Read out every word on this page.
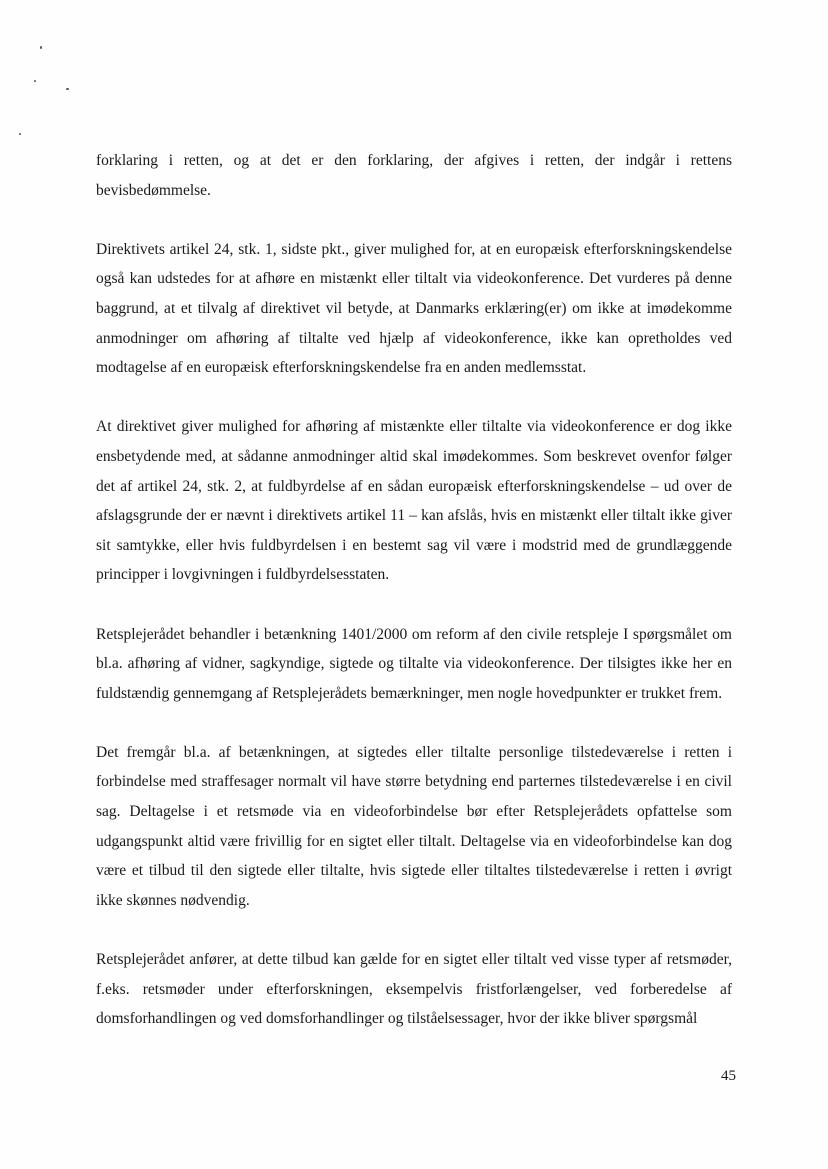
forklaring i retten, og at det er den forklaring, der afgives i retten, der indgår i rettens bevisbedømmelse.

Direktivets artikel 24, stk. 1, sidste pkt., giver mulighed for, at en europæisk efterforskningskendelse også kan udstedes for at afhøre en mistænkt eller tiltalt via videokonference. Det vurderes på denne baggrund, at et tilvalg af direktivet vil betyde, at Danmarks erklæring(er) om ikke at imødekomme anmodninger om afhøring af tiltalte ved hjælp af videokonference, ikke kan opretholdes ved modtagelse af en europæisk efterforskningskendelse fra en anden medlemsstat.

At direktivet giver mulighed for afhøring af mistænkte eller tiltalte via videokonference er dog ikke ensbetydende med, at sådanne anmodninger altid skal imødekommes. Som beskrevet ovenfor følger det af artikel 24, stk. 2, at fuldbyrdelse af en sådan europæisk efterforskningskendelse – ud over de afslagsgrunde der er nævnt i direktivets artikel 11 – kan afslås, hvis en mistænkt eller tiltalt ikke giver sit samtykke, eller hvis fuldbyrdelsen i en bestemt sag vil være i modstrid med de grundlæggende principper i lovgivningen i fuldbyrdelsesstaten.

Retsplejerådet behandler i betænkning 1401/2000 om reform af den civile retspleje I spørgsmålet om bl.a. afhøring af vidner, sagkyndige, sigtede og tiltalte via videokonference. Der tilsigtes ikke her en fuldstændig gennemgang af Retsplejerådets bemærkninger, men nogle hovedpunkter er trukket frem.

Det fremgår bl.a. af betænkningen, at sigtedes eller tiltalte personlige tilstedeværelse i retten i forbindelse med straffesager normalt vil have større betydning end parternes tilstedeværelse i en civil sag. Deltagelse i et retsmøde via en videoforbindelse bør efter Retsplejerådets opfattelse som udgangspunkt altid være frivillig for en sigtet eller tiltalt. Deltagelse via en videoforbindelse kan dog være et tilbud til den sigtede eller tiltalte, hvis sigtede eller tiltaltes tilstedeværelse i retten i øvrigt ikke skønnes nødvendig.

Retsplejerådet anfører, at dette tilbud kan gælde for en sigtet eller tiltalt ved visse typer af retsmøder, f.eks. retsmøder under efterforskningen, eksempelvis fristforlængelser, ved forberedelse af domsforhandlingen og ved domsforhandlinger og tilståelsessager, hvor der ikke bliver spørgsmål

45
